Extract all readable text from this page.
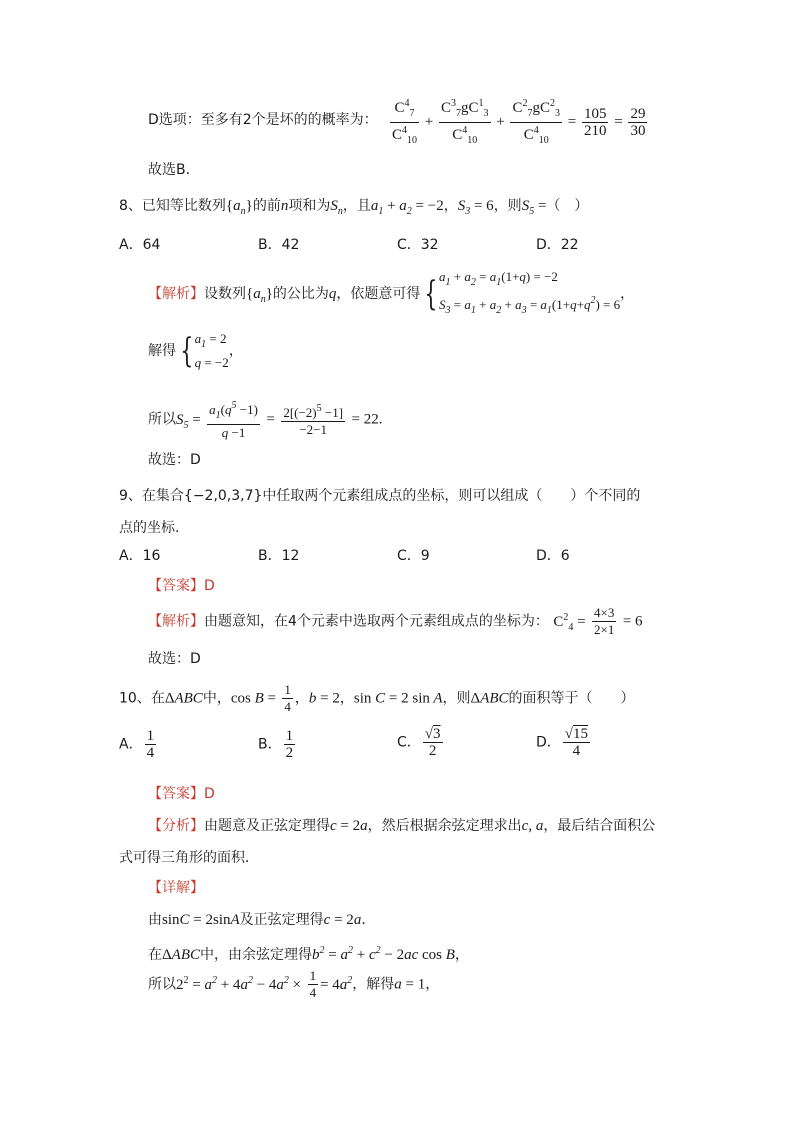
D选项：至多有2个是坏的的概率为： $\frac{C^4_7}{C^4_{10}} + \frac{C^3_7gC^1_3}{C^4_{10}} + \frac{C^2_7gC^2_3}{C^4_{10}} = \frac{105}{210} = \frac{29}{30}$
故选B．
8、已知等比数列$\{a_n\}$的前n项和为$S_n$，且$a_1 + a_2 = -2$，$S_3 = 6$，则$S_5$ =（　）
A．64	B．42	C．32	D．22
【解析】设数列$\{a_n\}$的公比为q，依题意可得 { $a_1 + a_2 = a_1(1+q) = -2$
$S_3 = a_1 + a_2 + a_3 = a_1(1+q+q^2) = 6$
，
解得 { $a_1 = 2$
q = −2
，
所以$S_5 = \frac{a_1(q^5 -1)}{q -1} = \frac{2[(-2)^5 -1]}{-2-1} = 22$.
故选：D
9、在集合{−2,0,3,7}中任取两个元素组成点的坐标，则可以组成（　　）个不同的
点的坐标.
A．16	B．12	C．9	D．6
【答案】D
【解析】由题意知，在4个元素中选取两个元素组成点的坐标为： $C^2_4 = \frac{4\times 3}{2\times 1} = 6$
故选：D
10、在ΔABC中，$\cos B = \frac{1}{4}$ ，b = 2，sin C = 2 sin A，则ΔABC的面积等于（　　）
A． $\frac{1}{4}$	B． $\frac{1}{2}$	C． $\frac{√3}{2}$	D． $\frac{√15}{4}$
【答案】D
【分析】由题意及正弦定理得c = 2a，然后根据余弦定理求出c, a，最后结合面积公
式可得三角形的面积．
【详解】
由sinC = 2sinA及正弦定理得c = 2a．
在ΔABC中，由余弦定理得$b^2 = a^2 + c^2 - 2ac$ cos B，
所以$2^2 = a^2 + 4a^2 - 4a^2 \times \frac{1}{4} = 4a^2$，解得a = 1，
